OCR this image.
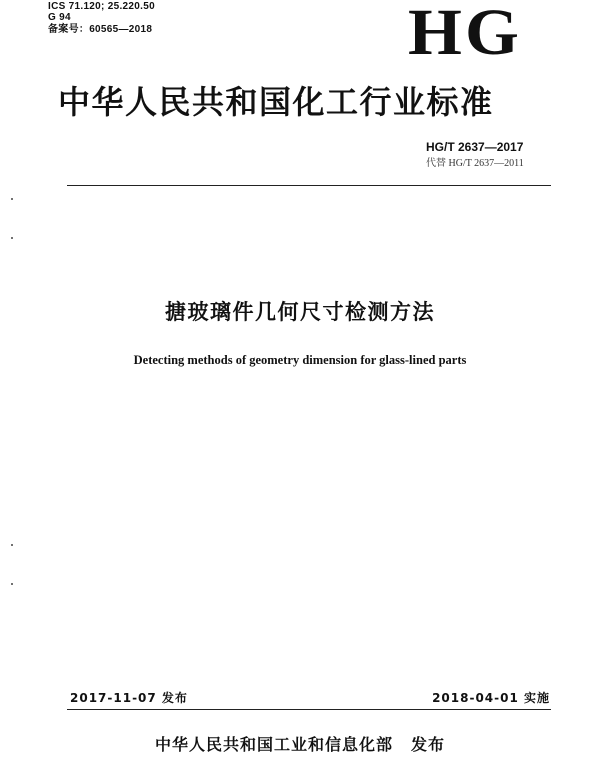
ICS 71.120; 25.220.50
G 94
备案号：60565—2018	HG
中华人民共和国化工行业标准
HG/T 2637—2017
代替 HG/T 2637—2011
搪玻璃件几何尺寸检测方法
Detecting methods of geometry dimension for glass-lined parts
2017-11-07 发布	2018-04-01 实施
中华人民共和国工业和信息化部 发布
